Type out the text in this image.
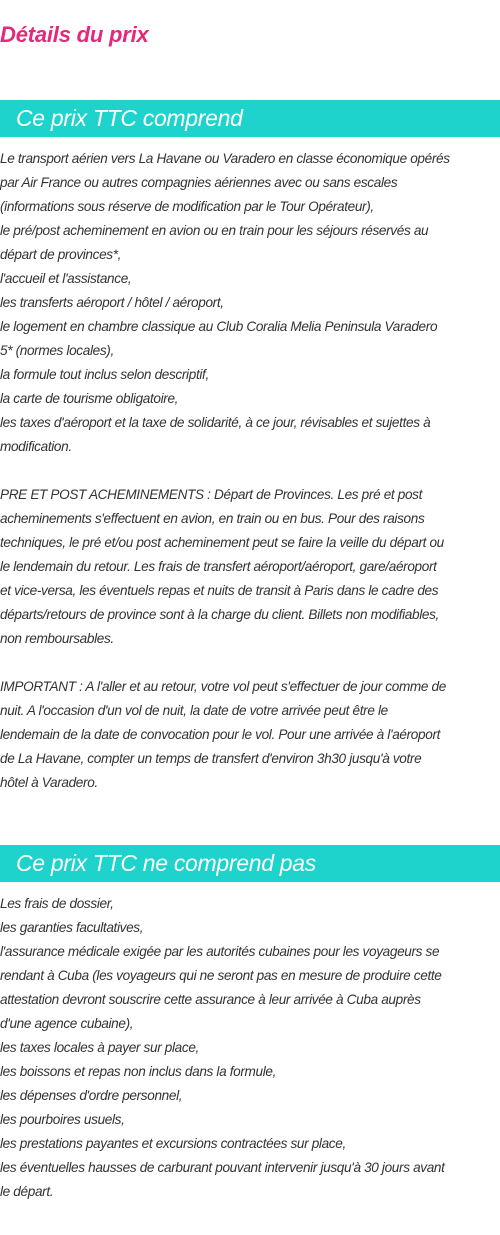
Détails du prix
Ce prix TTC comprend
Le transport aérien vers La Havane ou Varadero en classe économique opérés
par Air France ou autres compagnies aériennes avec ou sans escales
(informations sous réserve de modification par le Tour Opérateur),
le pré/post acheminement en avion ou en train pour les séjours réservés au
départ de provinces*,
l'accueil et l'assistance,
les transferts aéroport / hôtel / aéroport,
le logement en chambre classique au Club Coralia Melia Peninsula Varadero
5* (normes locales),
la formule tout inclus selon descriptif,
la carte de tourisme obligatoire,
les taxes d'aéroport et la taxe de solidarité, à ce jour, révisables et sujettes à
modification.
PRE ET POST ACHEMINEMENTS : Départ de Provinces. Les pré et post
acheminements s'effectuent en avion, en train ou en bus. Pour des raisons
techniques, le pré et/ou post acheminement peut se faire la veille du départ ou
le lendemain du retour. Les frais de transfert aéroport/aéroport, gare/aéroport
et vice-versa, les éventuels repas et nuits de transit à Paris dans le cadre des
départs/retours de province sont à la charge du client. Billets non modifiables,
non remboursables.
IMPORTANT : A l'aller et au retour, votre vol peut s'effectuer de jour comme de
nuit. A l'occasion d'un vol de nuit, la date de votre arrivée peut être le
lendemain de la date de convocation pour le vol. Pour une arrivée à l'aéroport
de La Havane, compter un temps de transfert d'environ 3h30 jusqu'à votre
hôtel à Varadero.
Ce prix TTC ne comprend pas
Les frais de dossier,
les garanties facultatives,
l'assurance médicale exigée par les autorités cubaines pour les voyageurs se
rendant à Cuba (les voyageurs qui ne seront pas en mesure de produire cette
attestation devront souscrire cette assurance à leur arrivée à Cuba auprès
d'une agence cubaine),
les taxes locales à payer sur place,
les boissons et repas non inclus dans la formule,
les dépenses d'ordre personnel,
les pourboires usuels,
les prestations payantes et excursions contractées sur place,
les éventuelles hausses de carburant pouvant intervenir jusqu'à 30 jours avant
le départ.
